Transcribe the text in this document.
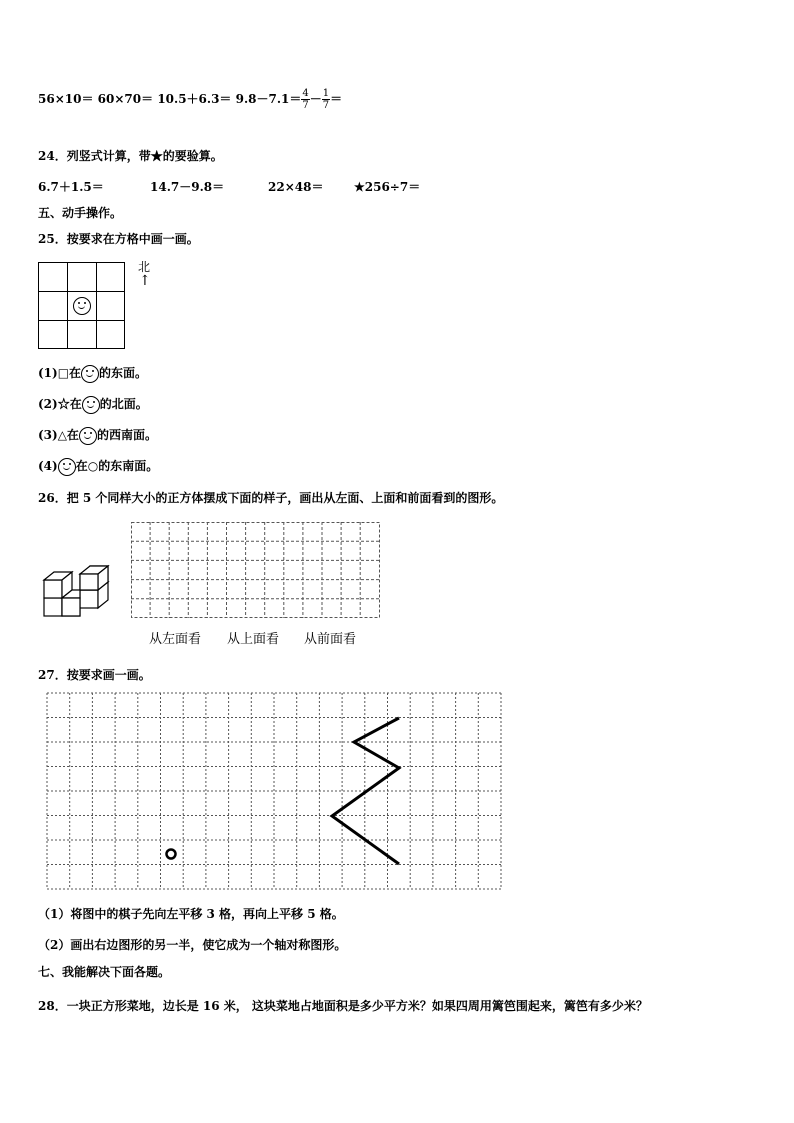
$56\times 10= 60\times 70= 10.5+6.3= 9.8-7.1= \frac{4}{7} - \frac{1}{7}$ ＝
24．列竖式计算，带★的要验算。
6.7＋1.5＝	14.7－9.8＝	22×48＝	★256÷7＝
五、动手操作。
25．按要求在方格中画一画。
北
↑
(1)□在 的东面。
(2)☆在 的北面。
(3)△在 的西南面。
(4) 在○的东南面。
26．把 5 个同样大小的正方体摆成下面的样子，画出从左面、上面和前面看到的图形。
从左面看 从上面看 从前面看
27．按要求画一画。
（1）将图中的棋子先向左平移 3 格，再向上平移 5 格。
（2）画出右边图形的另一半，使它成为一个轴对称图形。
七、我能解决下面各题。
28．一块正方形菜地，边长是 16 米， 这块菜地占地面积是多少平方米？如果四周用篱笆围起来，篱笆有多少米？
